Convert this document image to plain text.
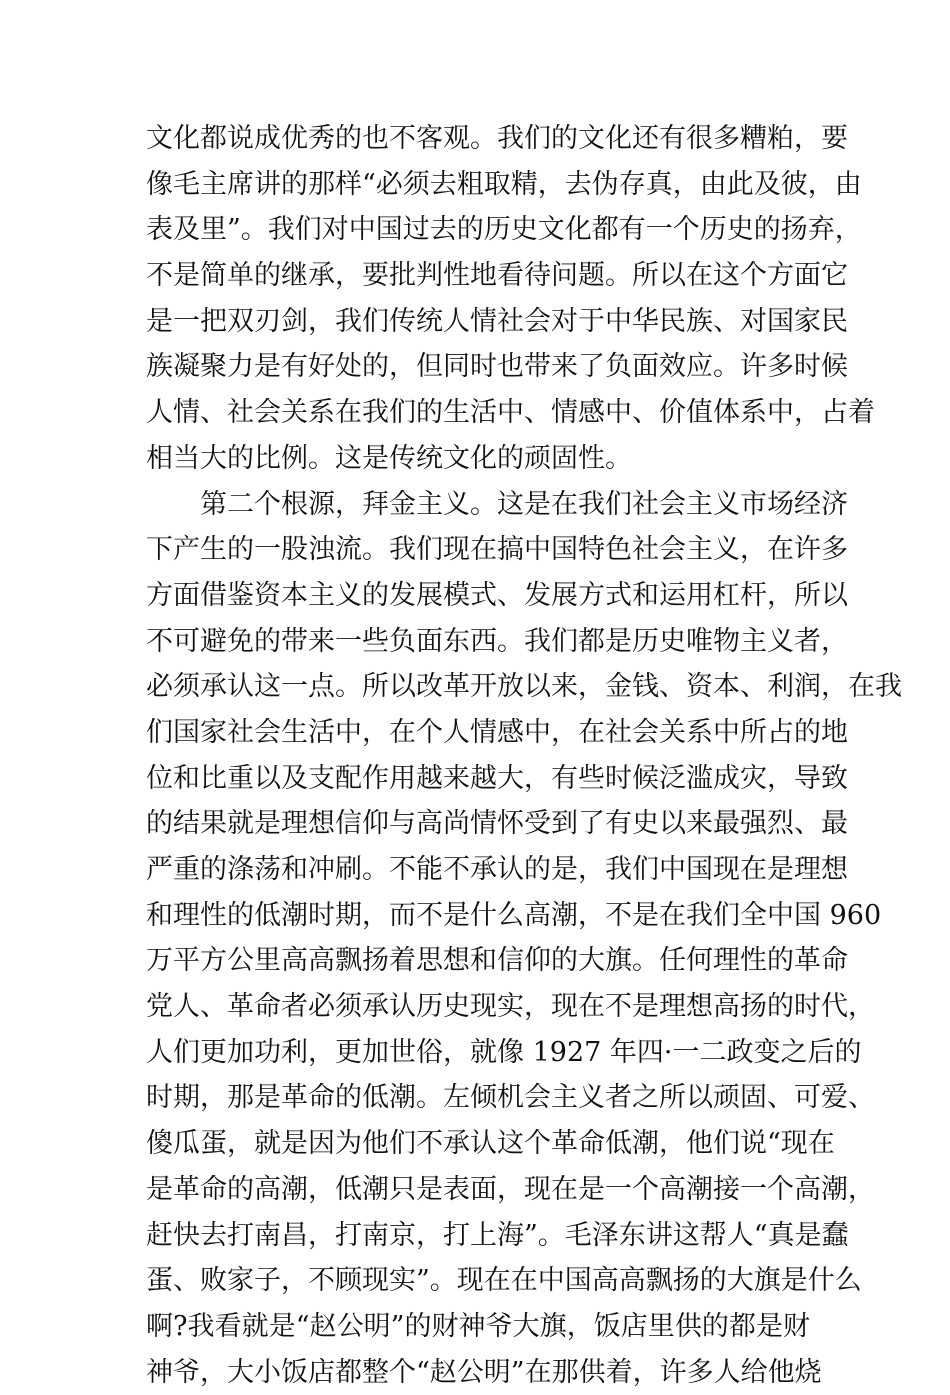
文化都说成优秀的也不客观。我们的文化还有很多糟粕，要
像毛主席讲的那样“必须去粗取精，去伪存真，由此及彼，由
表及里”。我们对中国过去的历史文化都有一个历史的扬弃，
不是简单的继承，要批判性地看待问题。所以在这个方面它
是一把双刃剑，我们传统人情社会对于中华民族、对国家民
族凝聚力是有好处的，但同时也带来了负面效应。许多时候
人情、社会关系在我们的生活中、情感中、价值体系中，占着
相当大的比例。这是传统文化的顽固性。
第二个根源，拜金主义。这是在我们社会主义市场经济
下产生的一股浊流。我们现在搞中国特色社会主义，在许多
方面借鉴资本主义的发展模式、发展方式和运用杠杆，所以
不可避免的带来一些负面东西。我们都是历史唯物主义者，
必须承认这一点。所以改革开放以来，金钱、资本、利润，在我
们国家社会生活中，在个人情感中，在社会关系中所占的地
位和比重以及支配作用越来越大，有些时候泛滥成灾，导致
的结果就是理想信仰与高尚情怀受到了有史以来最强烈、最
严重的涤荡和冲刷。不能不承认的是，我们中国现在是理想
和理性的低潮时期，而不是什么高潮，不是在我们全中国 960
万平方公里高高飘扬着思想和信仰的大旗。任何理性的革命
党人、革命者必须承认历史现实，现在不是理想高扬的时代，
人们更加功利，更加世俗，就像 1927 年四·一二政变之后的
时期，那是革命的低潮。左倾机会主义者之所以顽固、可爱、
傻瓜蛋，就是因为他们不承认这个革命低潮，他们说“现在
是革命的高潮，低潮只是表面，现在是一个高潮接一个高潮，
赶快去打南昌，打南京，打上海”。毛泽东讲这帮人“真是蠢
蛋、败家子，不顾现实”。现在在中国高高飘扬的大旗是什么
啊?我看就是“赵公明”的财神爷大旗，饭店里供的都是财
神爷，大小饭店都整个“赵公明”在那供着，许多人给他烧
